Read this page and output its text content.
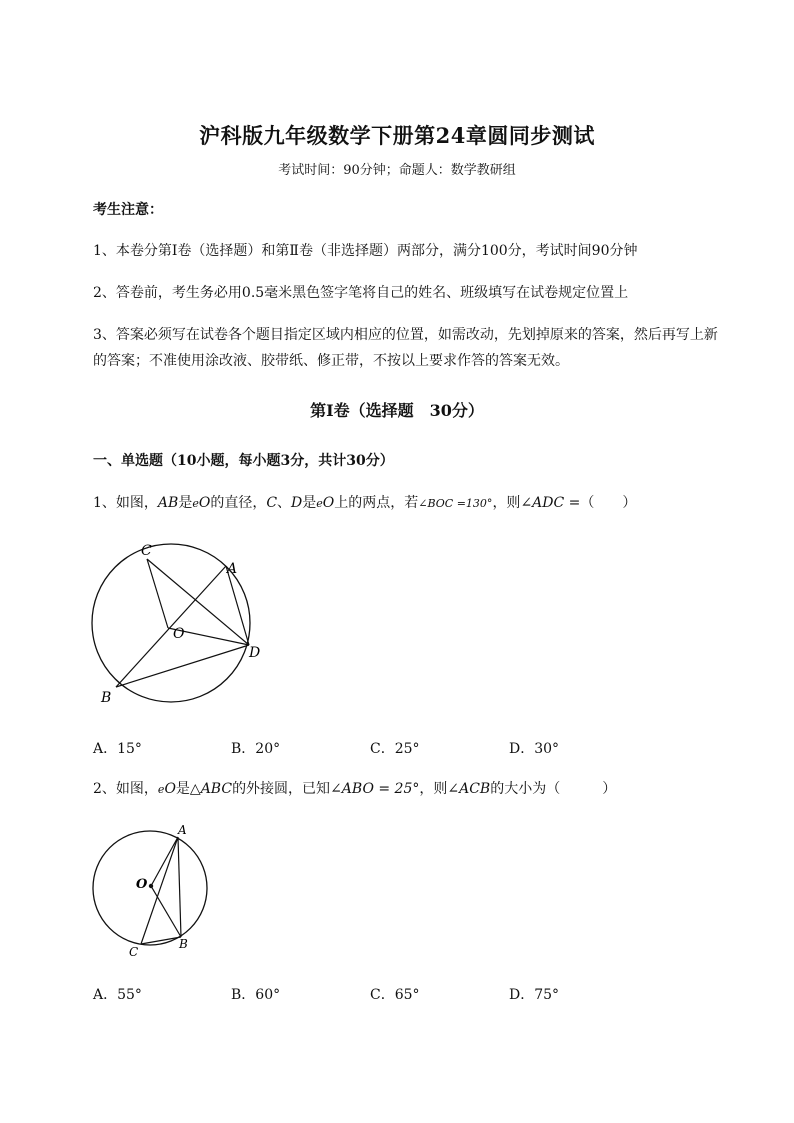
沪科版九年级数学下册第24章圆同步测试
考试时间：90分钟；命题人：数学教研组
考生注意：
1、本卷分第Ⅰ卷（选择题）和第Ⅱ卷（非选择题）两部分，满分100分，考试时间90分钟
2、答卷前，考生务必用0.5毫米黑色签字笔将自己的姓名、班级填写在试卷规定位置上
3、答案必须写在试卷各个题目指定区域内相应的位置，如需改动，先划掉原来的答案，然后再写上新
的答案；不准使用涂改液、胶带纸、修正带，不按以上要求作答的答案无效。
第Ⅰ卷（选择题　30分）
一、单选题（10小题，每小题3分，共计30分）
1、如图，AB是eO的直径，C、D是eO上的两点，若∠BOC =130°，则∠ADC =（　　）
C
A
O
D
B
A．15°	B．20°	C．25°	D．30°
2、如图，eO是△ABC的外接圆，已知∠ABO = 25°，则∠ACB的大小为（　　　）
A
O
C
B
A．55°	B．60°	C．65°	D．75°
